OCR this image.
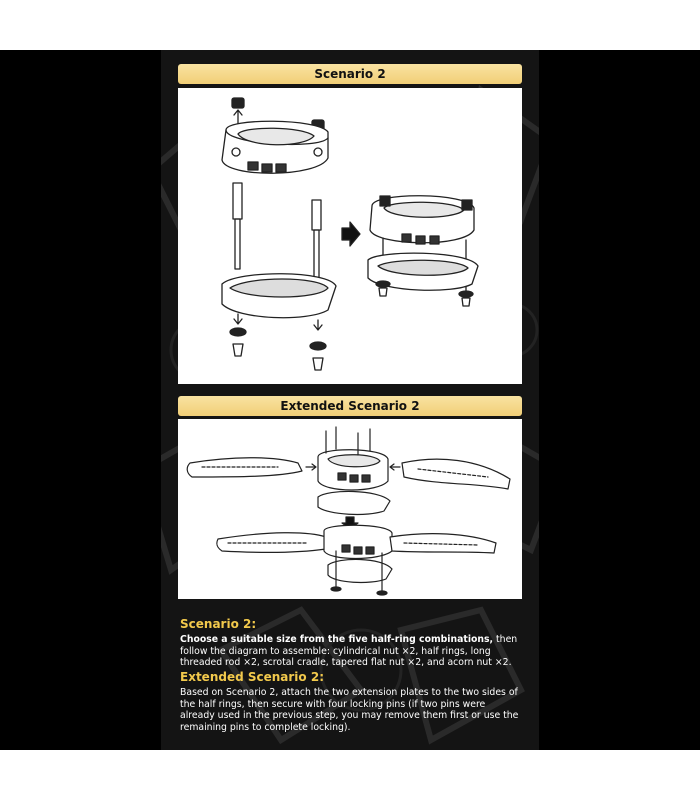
Scenario 2
Extended Scenario 2
Scenario 2:

Choose a suitable size from the five half-ring combinations, then follow the diagram to assemble: cylindrical nut ×2, half rings, long threaded rod ×2, scrotal cradle, tapered flat nut ×2, and acorn nut ×2.

Extended Scenario 2:

Based on Scenario 2, attach the two extension plates to the two sides of the half rings, then secure with four locking pins (if two pins were already used in the previous step, you may remove them first or use the remaining pins to complete locking).
